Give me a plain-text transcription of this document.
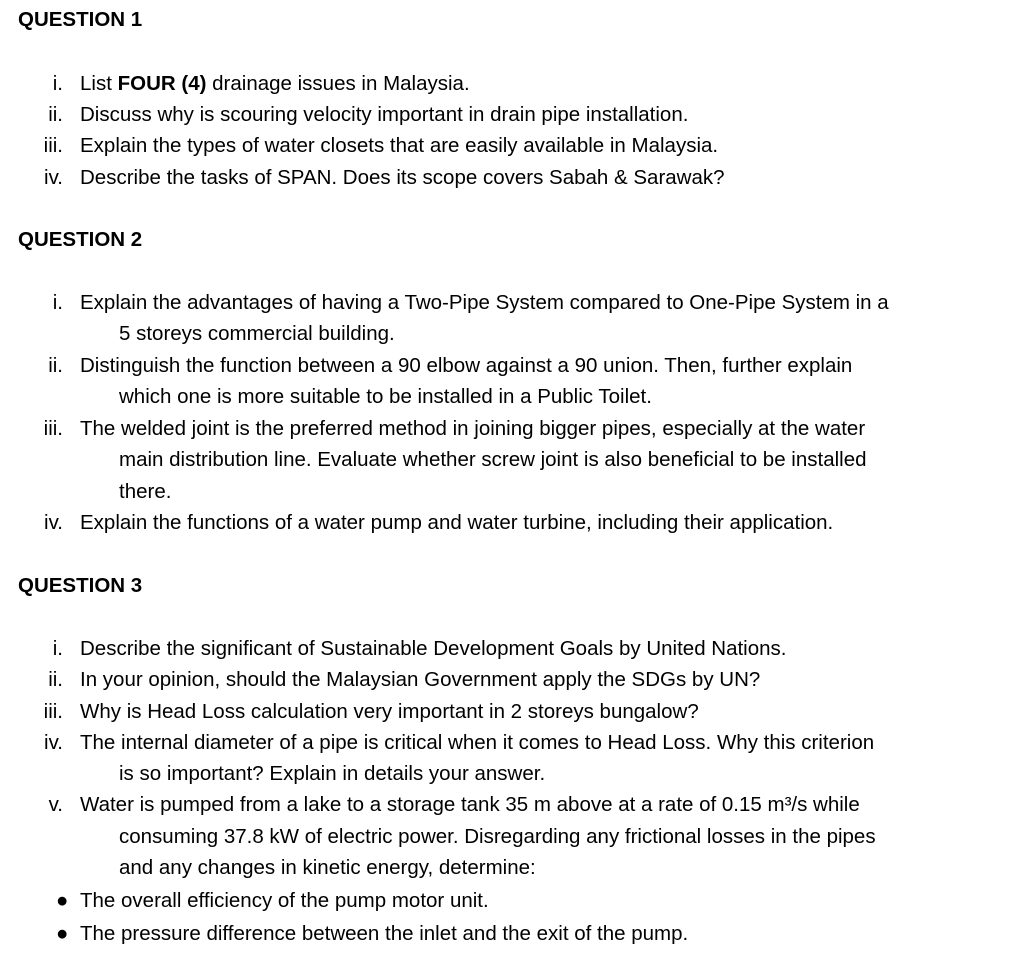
QUESTION 1
i. List FOUR (4) drainage issues in Malaysia.
ii. Discuss why is scouring velocity important in drain pipe installation.
iii. Explain the types of water closets that are easily available in Malaysia.
iv. Describe the tasks of SPAN. Does its scope covers Sabah & Sarawak?
QUESTION 2
i. Explain the advantages of having a Two-Pipe System compared to One-Pipe System in a
5 storeys commercial building.
ii. Distinguish the function between a 90 elbow against a 90 union. Then, further explain
which one is more suitable to be installed in a Public Toilet.
iii. The welded joint is the preferred method in joining bigger pipes, especially at the water
main distribution line. Evaluate whether screw joint is also beneficial to be installed
there.
iv. Explain the functions of a water pump and water turbine, including their application.
QUESTION 3
i. Describe the significant of Sustainable Development Goals by United Nations.
ii. In your opinion, should the Malaysian Government apply the SDGs by UN?
iii. Why is Head Loss calculation very important in 2 storeys bungalow?
iv. The internal diameter of a pipe is critical when it comes to Head Loss. Why this criterion
is so important? Explain in details your answer.
v. Water is pumped from a lake to a storage tank 35 m above at a rate of 0.15 m³/s while
consuming 37.8 kW of electric power. Disregarding any frictional losses in the pipes
and any changes in kinetic energy, determine:
● The overall efficiency of the pump motor unit.
● The pressure difference between the inlet and the exit of the pump.
